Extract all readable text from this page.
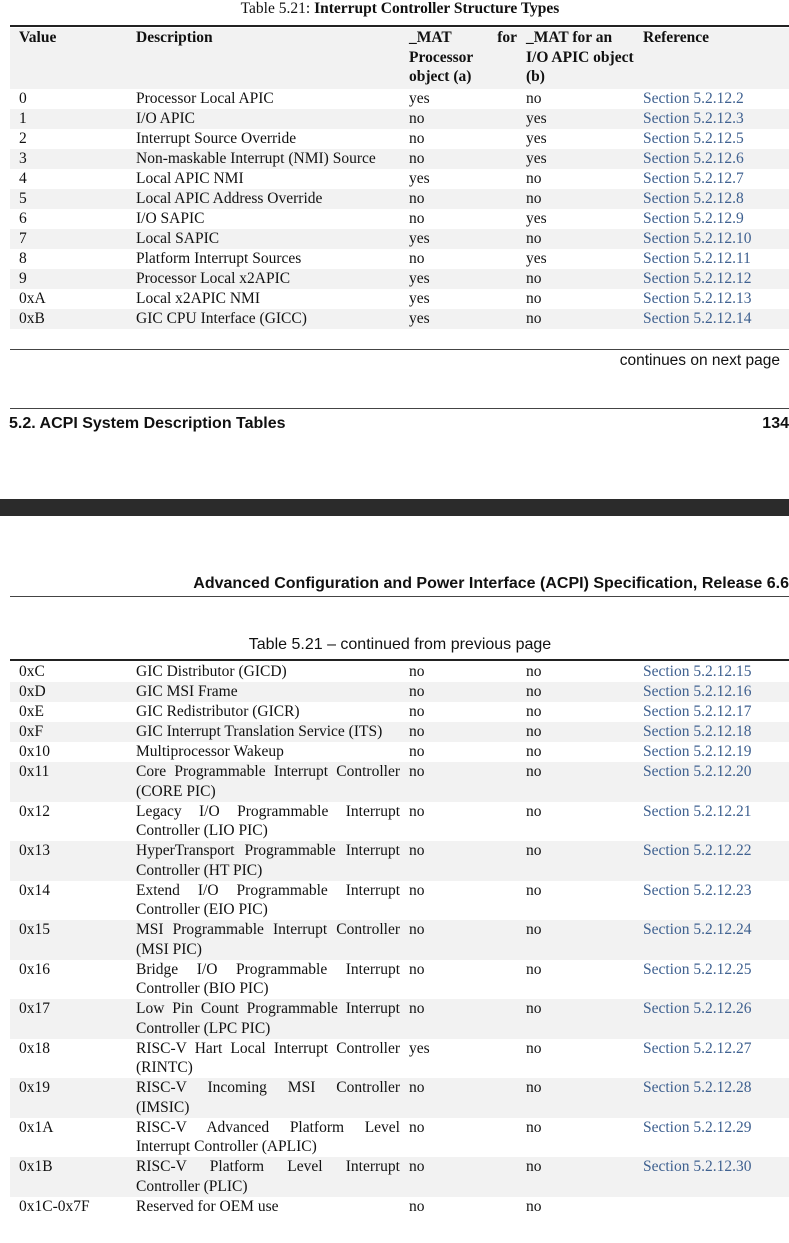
Table 5.21: Interrupt Controller Structure Types
Value	Description	_MAT for Processor object (a)	_MAT for an I/O APIC object (b)	Reference
0	Processor Local APIC	yes	no	Section 5.2.12.2
1	I/O APIC	no	yes	Section 5.2.12.3
2	Interrupt Source Override	no	yes	Section 5.2.12.5
3	Non-maskable Interrupt (NMI) Source	no	yes	Section 5.2.12.6
4	Local APIC NMI	yes	no	Section 5.2.12.7
5	Local APIC Address Override	no	no	Section 5.2.12.8
6	I/O SAPIC	no	yes	Section 5.2.12.9
7	Local SAPIC	yes	no	Section 5.2.12.10
8	Platform Interrupt Sources	no	yes	Section 5.2.12.11
9	Processor Local x2APIC	yes	no	Section 5.2.12.12
0xA	Local x2APIC NMI	yes	no	Section 5.2.12.13
0xB	GIC CPU Interface (GICC)	yes	no	Section 5.2.12.14
continues on next page
5.2. ACPI System Description Tables	134
Advanced Configuration and Power Interface (ACPI) Specification, Release 6.6
Table 5.21 – continued from previous page
0xC	GIC Distributor (GICD)	no	no	Section 5.2.12.15
0xD	GIC MSI Frame	no	no	Section 5.2.12.16
0xE	GIC Redistributor (GICR)	no	no	Section 5.2.12.17
0xF	GIC Interrupt Translation Service (ITS)	no	no	Section 5.2.12.18
0x10	Multiprocessor Wakeup	no	no	Section 5.2.12.19
0x11	Core Programmable Interrupt Controller (CORE PIC)	no	no	Section 5.2.12.20
0x12	Legacy I/O Programmable Interrupt Controller (LIO PIC)	no	no	Section 5.2.12.21
0x13	HyperTransport Programmable Interrupt Controller (HT PIC)	no	no	Section 5.2.12.22
0x14	Extend I/O Programmable Interrupt Controller (EIO PIC)	no	no	Section 5.2.12.23
0x15	MSI Programmable Interrupt Controller (MSI PIC)	no	no	Section 5.2.12.24
0x16	Bridge I/O Programmable Interrupt Controller (BIO PIC)	no	no	Section 5.2.12.25
0x17	Low Pin Count Programmable Interrupt Controller (LPC PIC)	no	no	Section 5.2.12.26
0x18	RISC-V Hart Local Interrupt Controller (RINTC)	yes	no	Section 5.2.12.27
0x19	RISC-V Incoming MSI Controller (IMSIC)	no	no	Section 5.2.12.28
0x1A	RISC-V Advanced Platform Level Interrupt Controller (APLIC)	no	no	Section 5.2.12.29
0x1B	RISC-V Platform Level Interrupt Controller (PLIC)	no	no	Section 5.2.12.30
0x1C-0x7F	Reserved for OEM use	no	no	
